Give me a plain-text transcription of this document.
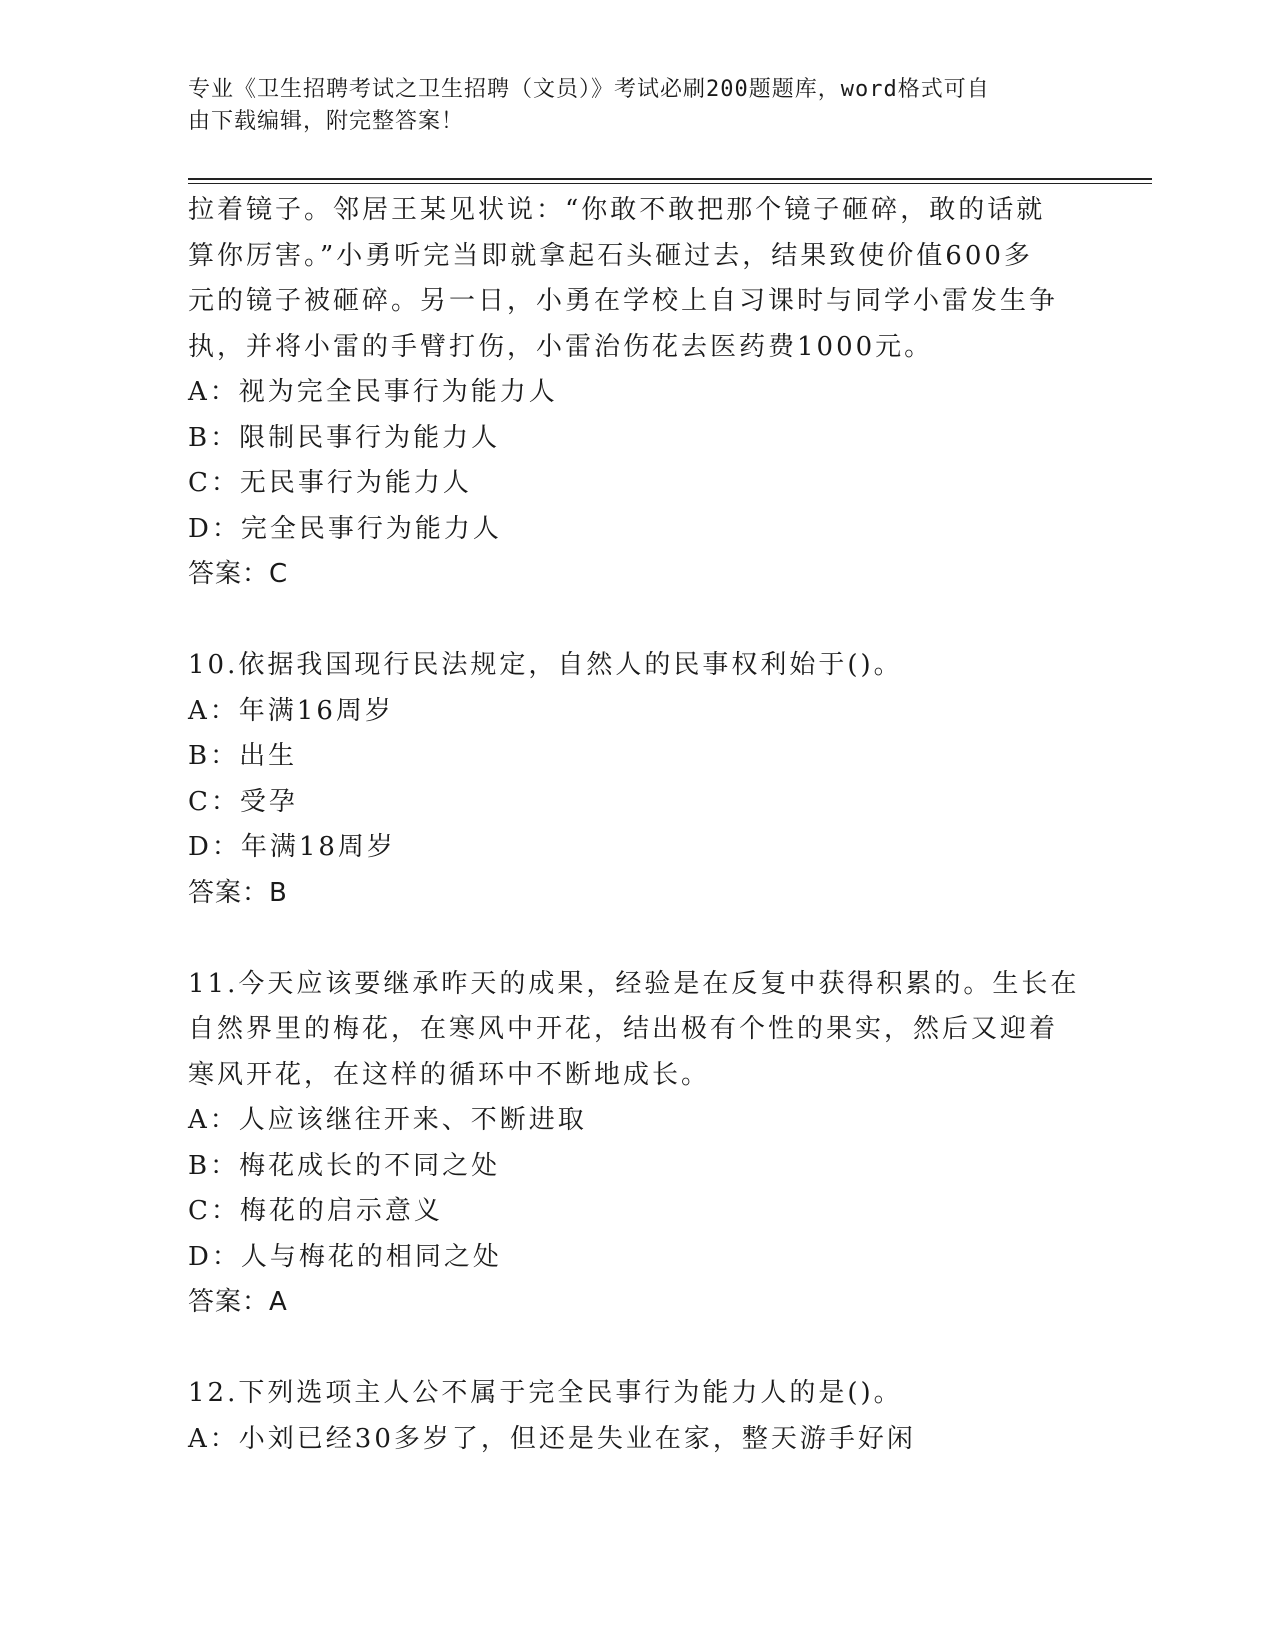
专业《卫生招聘考试之卫生招聘（文员）》考试必刷200题题库，word格式可自
由下载编辑，附完整答案！
拉着镜子。邻居王某见状说：“你敢不敢把那个镜子砸碎，敢的话就
算你厉害。”小勇听完当即就拿起石头砸过去，结果致使价值600多
元的镜子被砸碎。另一日，小勇在学校上自习课时与同学小雷发生争
执，并将小雷的手臂打伤，小雷治伤花去医药费1000元。
A：视为完全民事行为能力人
B：限制民事行为能力人
C：无民事行为能力人
D：完全民事行为能力人
答案：C
10.依据我国现行民法规定，自然人的民事权利始于()。
A：年满16周岁
B：出生
C：受孕
D：年满18周岁
答案：B
11.今天应该要继承昨天的成果，经验是在反复中获得积累的。生长在
自然界里的梅花，在寒风中开花，结出极有个性的果实，然后又迎着
寒风开花，在这样的循环中不断地成长。
A：人应该继往开来、不断进取
B：梅花成长的不同之处
C：梅花的启示意义
D：人与梅花的相同之处
答案：A
12.下列选项主人公不属于完全民事行为能力人的是()。
A：小刘已经30多岁了，但还是失业在家，整天游手好闲
